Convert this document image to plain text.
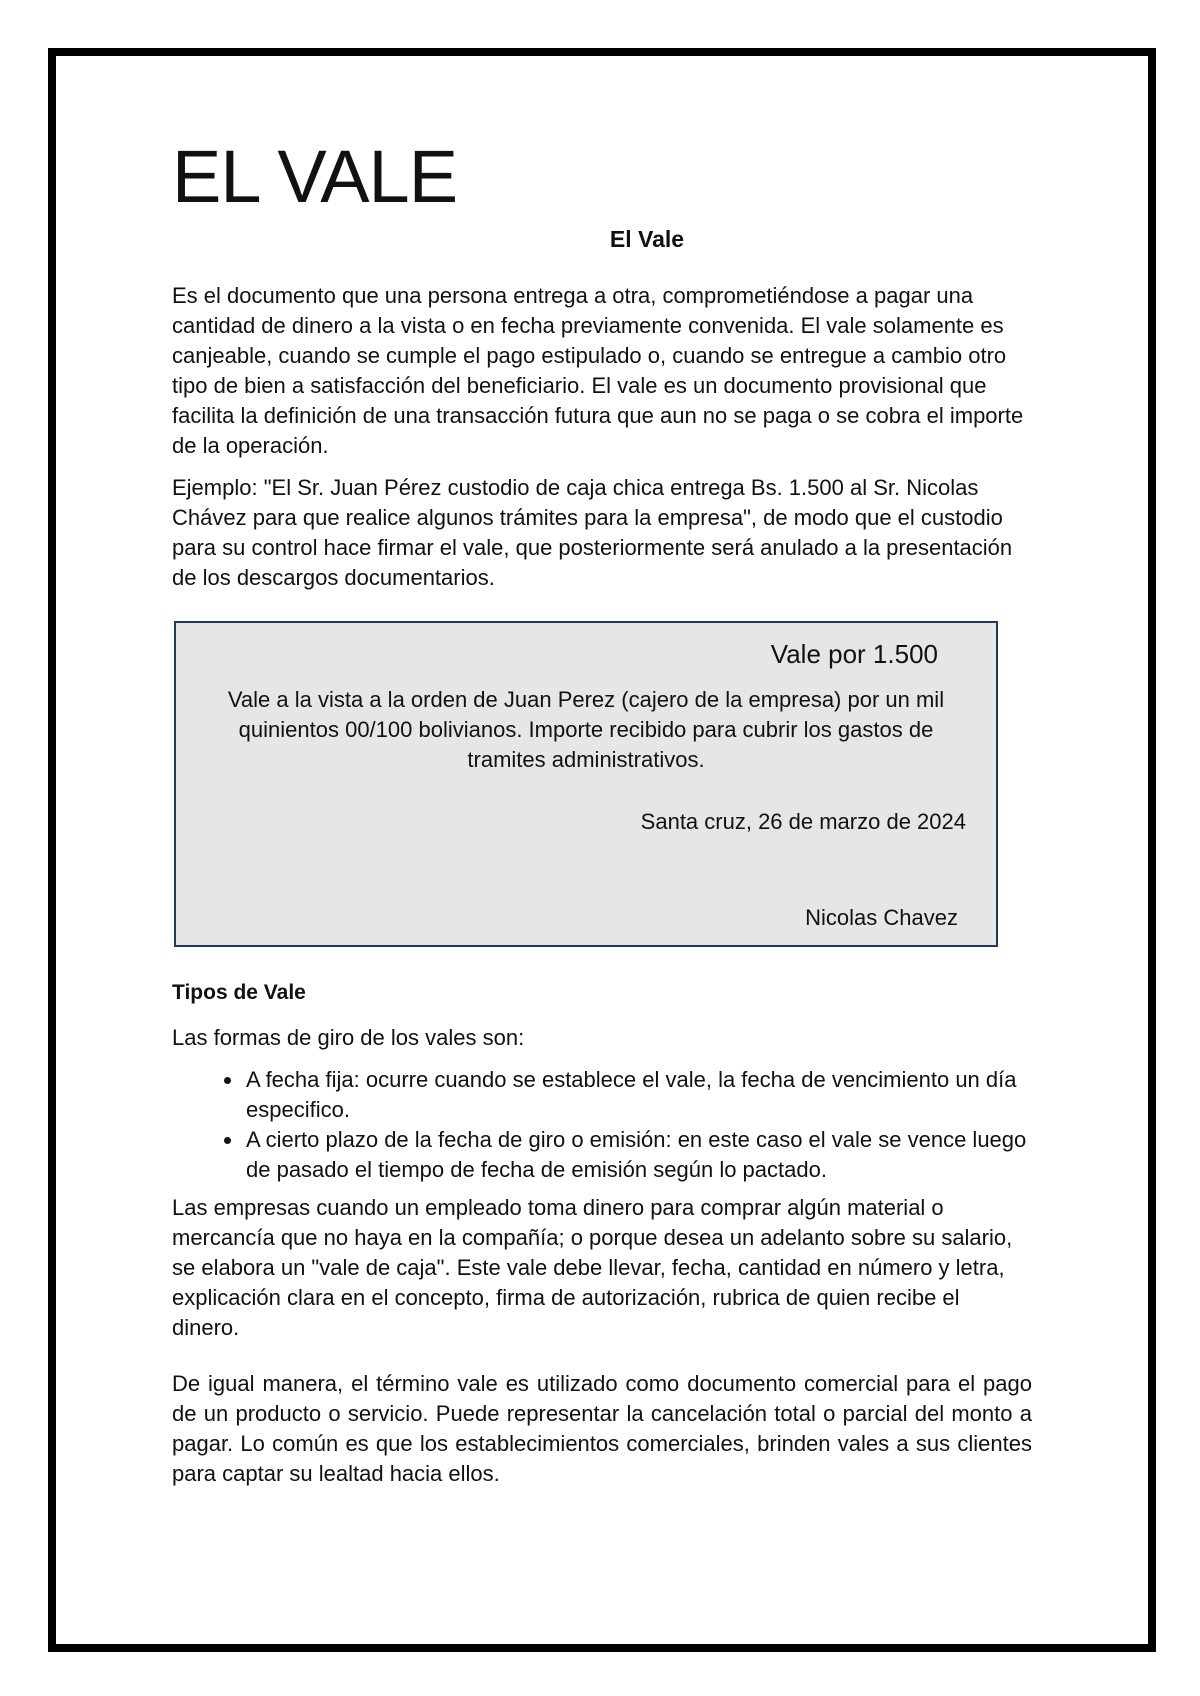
EL VALE
El Vale

Es el documento que una persona entrega a otra, comprometiéndose a pagar una cantidad de dinero a la vista o en fecha previamente convenida. El vale solamente es canjeable, cuando se cumple el pago estipulado o, cuando se entregue a cambio otro tipo de bien a satisfacción del beneficiario. El vale es un documento provisional que facilita la definición de una transacción futura que aun no se paga o se cobra el importe de la operación.

Ejemplo: "El Sr. Juan Pérez custodio de caja chica entrega Bs. 1.500 al Sr. Nicolas Chávez para que realice algunos trámites para la empresa", de modo que el custodio para su control hace firmar el vale, que posteriormente será anulado a la presentación de los descargos documentarios.

Vale por 1.500
Vale a la vista a la orden de Juan Perez (cajero de la empresa) por un mil quinientos 00/100 bolivianos. Importe recibido para cubrir los gastos de tramites administrativos.
Santa cruz, 26 de marzo de 2024
Nicolas Chavez
Tipos de Vale

Las formas de giro de los vales son:

• A fecha fija: ocurre cuando se establece el vale, la fecha de vencimiento un día especifico.
• A cierto plazo de la fecha de giro o emisión: en este caso el vale se vence luego de pasado el tiempo de fecha de emisión según lo pactado.

Las empresas cuando un empleado toma dinero para comprar algún material o mercancía que no haya en la compañía; o porque desea un adelanto sobre su salario, se elabora un "vale de caja". Este vale debe llevar, fecha, cantidad en número y letra, explicación clara en el concepto, firma de autorización, rubrica de quien recibe el dinero.

De igual manera, el término vale es utilizado como documento comercial para el pago de un producto o servicio. Puede representar la cancelación total o parcial del monto a pagar. Lo común es que los establecimientos comerciales, brinden vales a sus clientes para captar su lealtad hacia ellos.
